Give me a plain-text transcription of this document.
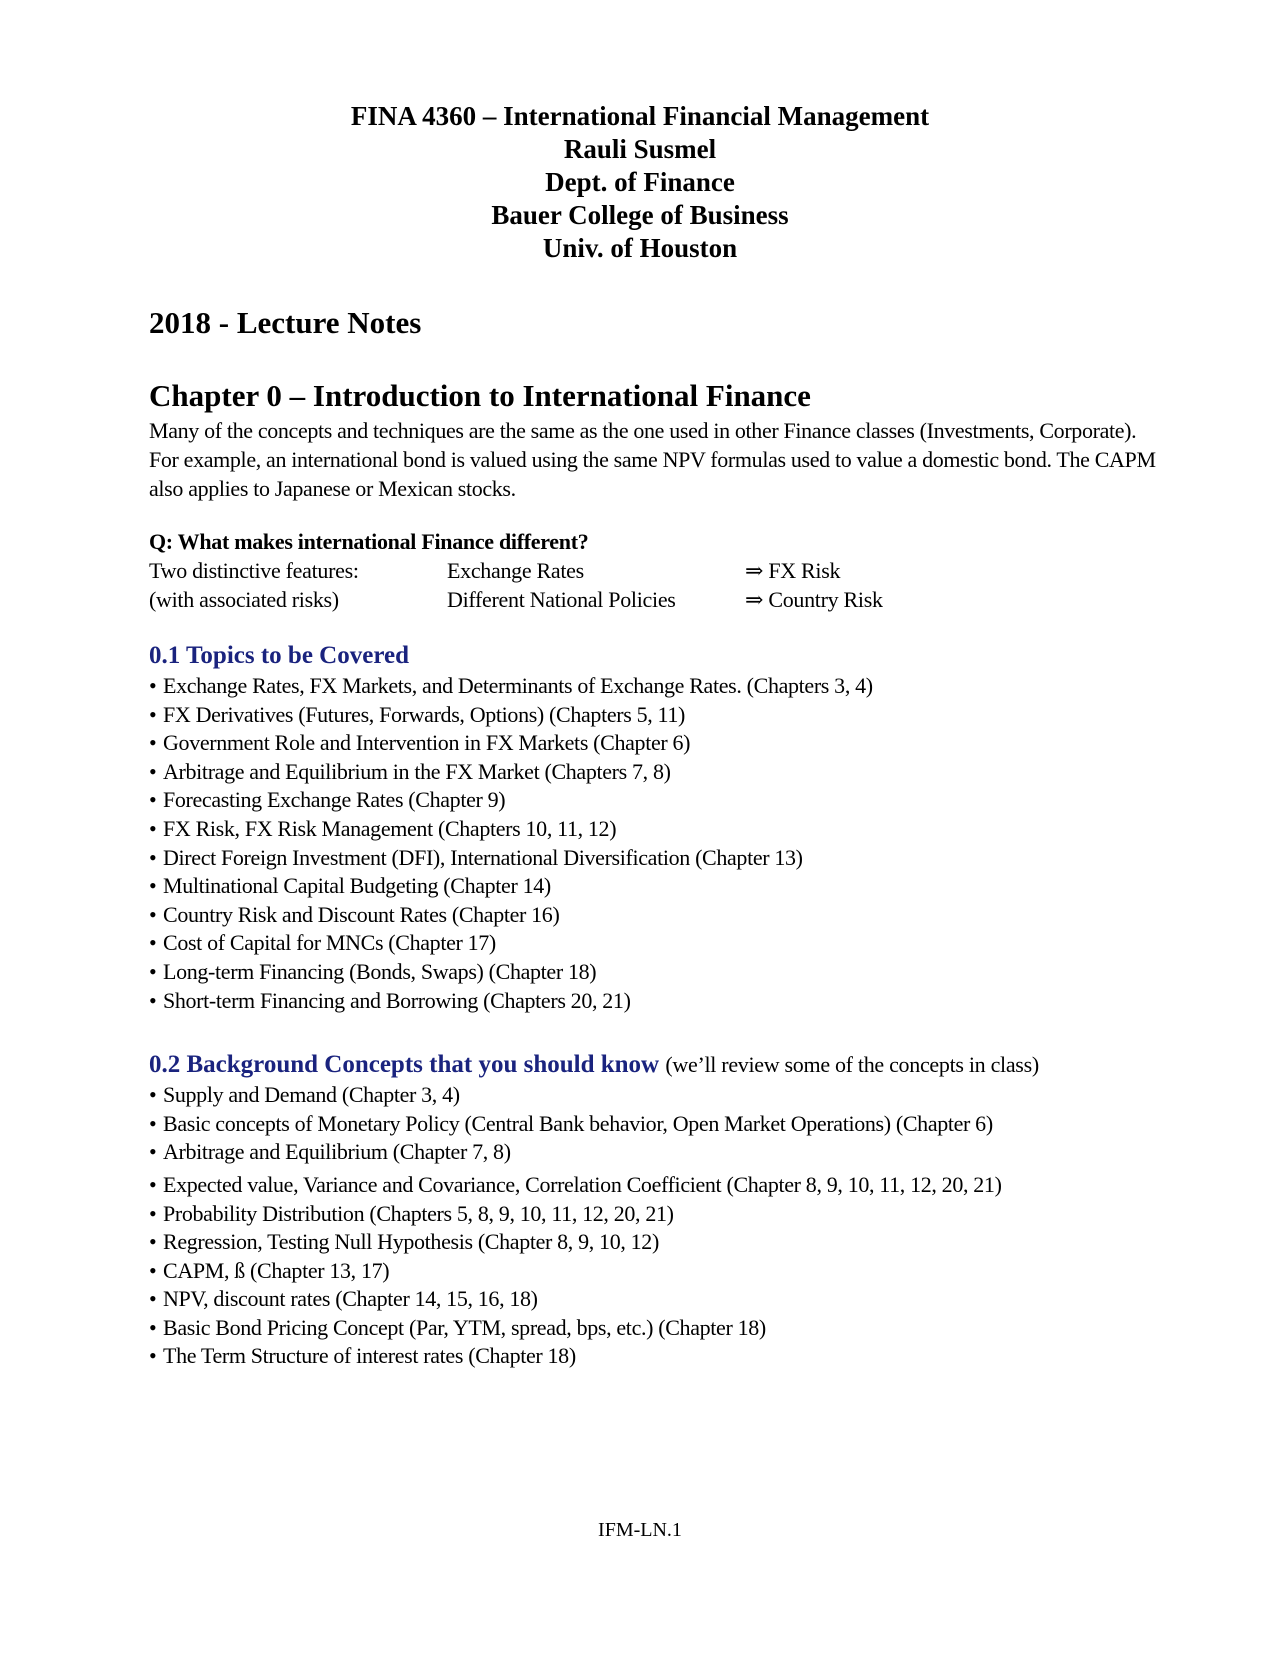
FINA 4360 – International Financial Management

Rauli Susmel

Dept. of Finance

Bauer College of Business

Univ. of Houston

2018 - Lecture Notes
Chapter 0 – Introduction to International Finance

Many of the concepts and techniques are the same as the one used in other Finance classes (Investments, Corporate). For example, an international bond is valued using the same NPV formulas used to value a domestic bond. The CAPM also applies to Japanese or Mexican stocks.

Q: What makes international Finance different?

Two distinctive features:	Exchange Rates	⇒ FX Risk
(with associated risks)	Different National Policies	⇒ Country Risk
0.1 Topics to be Covered
• Exchange Rates, FX Markets, and Determinants of Exchange Rates. (Chapters 3, 4)
• FX Derivatives (Futures, Forwards, Options) (Chapters 5, 11)
• Government Role and Intervention in FX Markets (Chapter 6)
• Arbitrage and Equilibrium in the FX Market (Chapters 7, 8)
• Forecasting Exchange Rates (Chapter 9)
• FX Risk, FX Risk Management (Chapters 10, 11, 12)
• Direct Foreign Investment (DFI), International Diversification (Chapter 13)
• Multinational Capital Budgeting (Chapter 14)
• Country Risk and Discount Rates (Chapter 16)
• Cost of Capital for MNCs (Chapter 17)
• Long-term Financing (Bonds, Swaps) (Chapter 18)
• Short-term Financing and Borrowing (Chapters 20, 21)
0.2 Background Concepts that you should know (we’ll review some of the concepts in class)
• Supply and Demand (Chapter 3, 4)
• Basic concepts of Monetary Policy (Central Bank behavior, Open Market Operations) (Chapter 6)
• Arbitrage and Equilibrium (Chapter 7, 8)
• Expected value, Variance and Covariance, Correlation Coefficient (Chapter 8, 9, 10, 11, 12, 20, 21)
• Probability Distribution (Chapters 5, 8, 9, 10, 11, 12, 20, 21)
• Regression, Testing Null Hypothesis (Chapter 8, 9, 10, 12)
• CAPM, ß (Chapter 13, 17)
• NPV, discount rates (Chapter 14, 15, 16, 18)
• Basic Bond Pricing Concept (Par, YTM, spread, bps, etc.) (Chapter 18)
• The Term Structure of interest rates (Chapter 18)
IFM-LN.1
